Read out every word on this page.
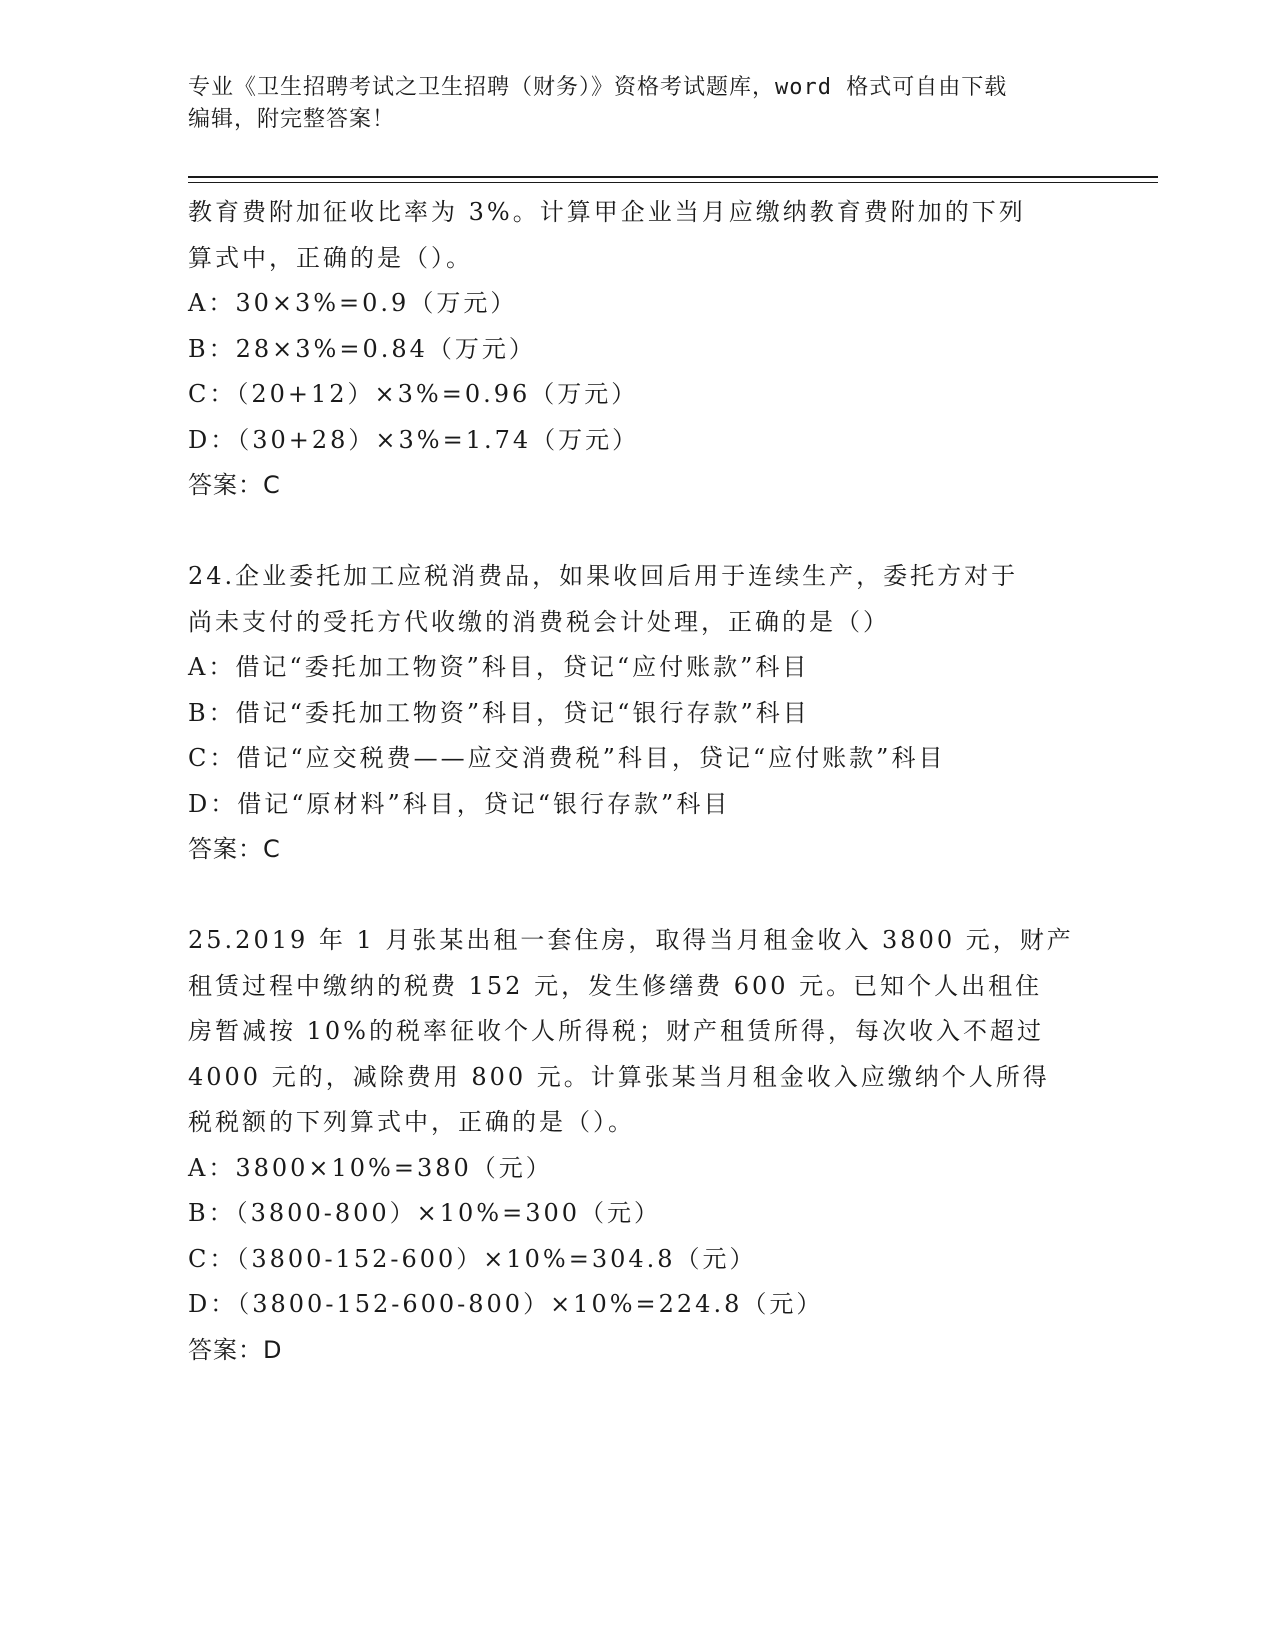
专业《卫生招聘考试之卫生招聘（财务）》资格考试题库，word 格式可自由下载
编辑，附完整答案！
教育费附加征收比率为 3%。计算甲企业当月应缴纳教育费附加的下列
算式中，正确的是（）。
A：30×3%=0.9（万元）
B：28×3%=0.84（万元）
C：（20+12）×3%=0.96（万元）
D：（30+28）×3%=1.74（万元）
答案：C
24.企业委托加工应税消费品，如果收回后用于连续生产，委托方对于
尚未支付的受托方代收缴的消费税会计处理，正确的是（）
A：借记“委托加工物资”科目，贷记“应付账款”科目
B：借记“委托加工物资”科目，贷记“银行存款”科目
C：借记“应交税费——应交消费税”科目，贷记“应付账款”科目
D：借记“原材料”科目，贷记“银行存款”科目
答案：C
25.2019 年 1 月张某出租一套住房，取得当月租金收入 3800 元，财产
租赁过程中缴纳的税费 152 元，发生修缮费 600 元。已知个人出租住
房暂减按 10%的税率征收个人所得税；财产租赁所得，每次收入不超过
4000 元的，减除费用 800 元。计算张某当月租金收入应缴纳个人所得
税税额的下列算式中，正确的是（）。
A：3800×10%=380（元）
B：（3800-800）×10%=300（元）
C：（3800-152-600）×10%=304.8（元）
D：（3800-152-600-800）×10%=224.8（元）
答案：D
